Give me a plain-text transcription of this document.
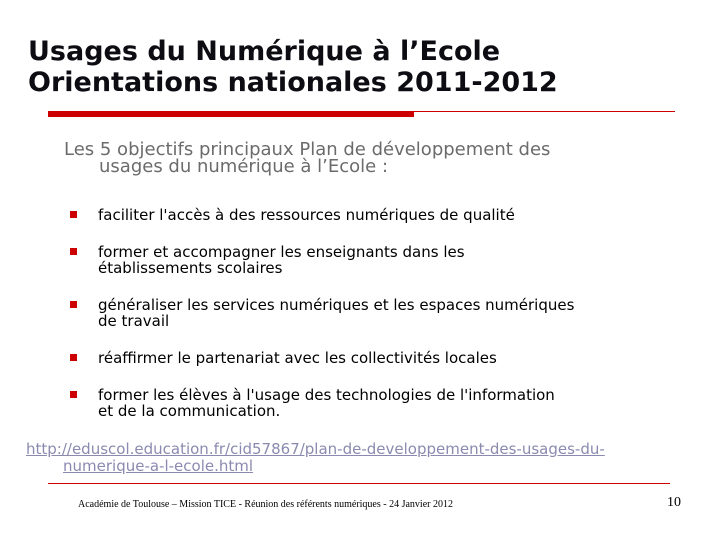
Usages du Numérique à l’Ecole
Orientations nationales 2011-2012

Les 5 objectifs principaux Plan de développement des
usages du numérique à l’Ecole :

faciliter l'accès à des ressources numériques de qualité
former et accompagner les enseignants dans les
établissements scolaires
généraliser les services numériques et les espaces numériques
de travail
réaffirmer le partenariat avec les collectivités locales
former les élèves à l'usage des technologies de l'information
et de la communication.
http://eduscol.education.fr/cid57867/plan-de-developpement-des-usages-du-
numerique-a-l-ecole.html
Académie de Toulouse – Mission TICE - Réunion des référents numériques - 24 Janvier 2012	10
